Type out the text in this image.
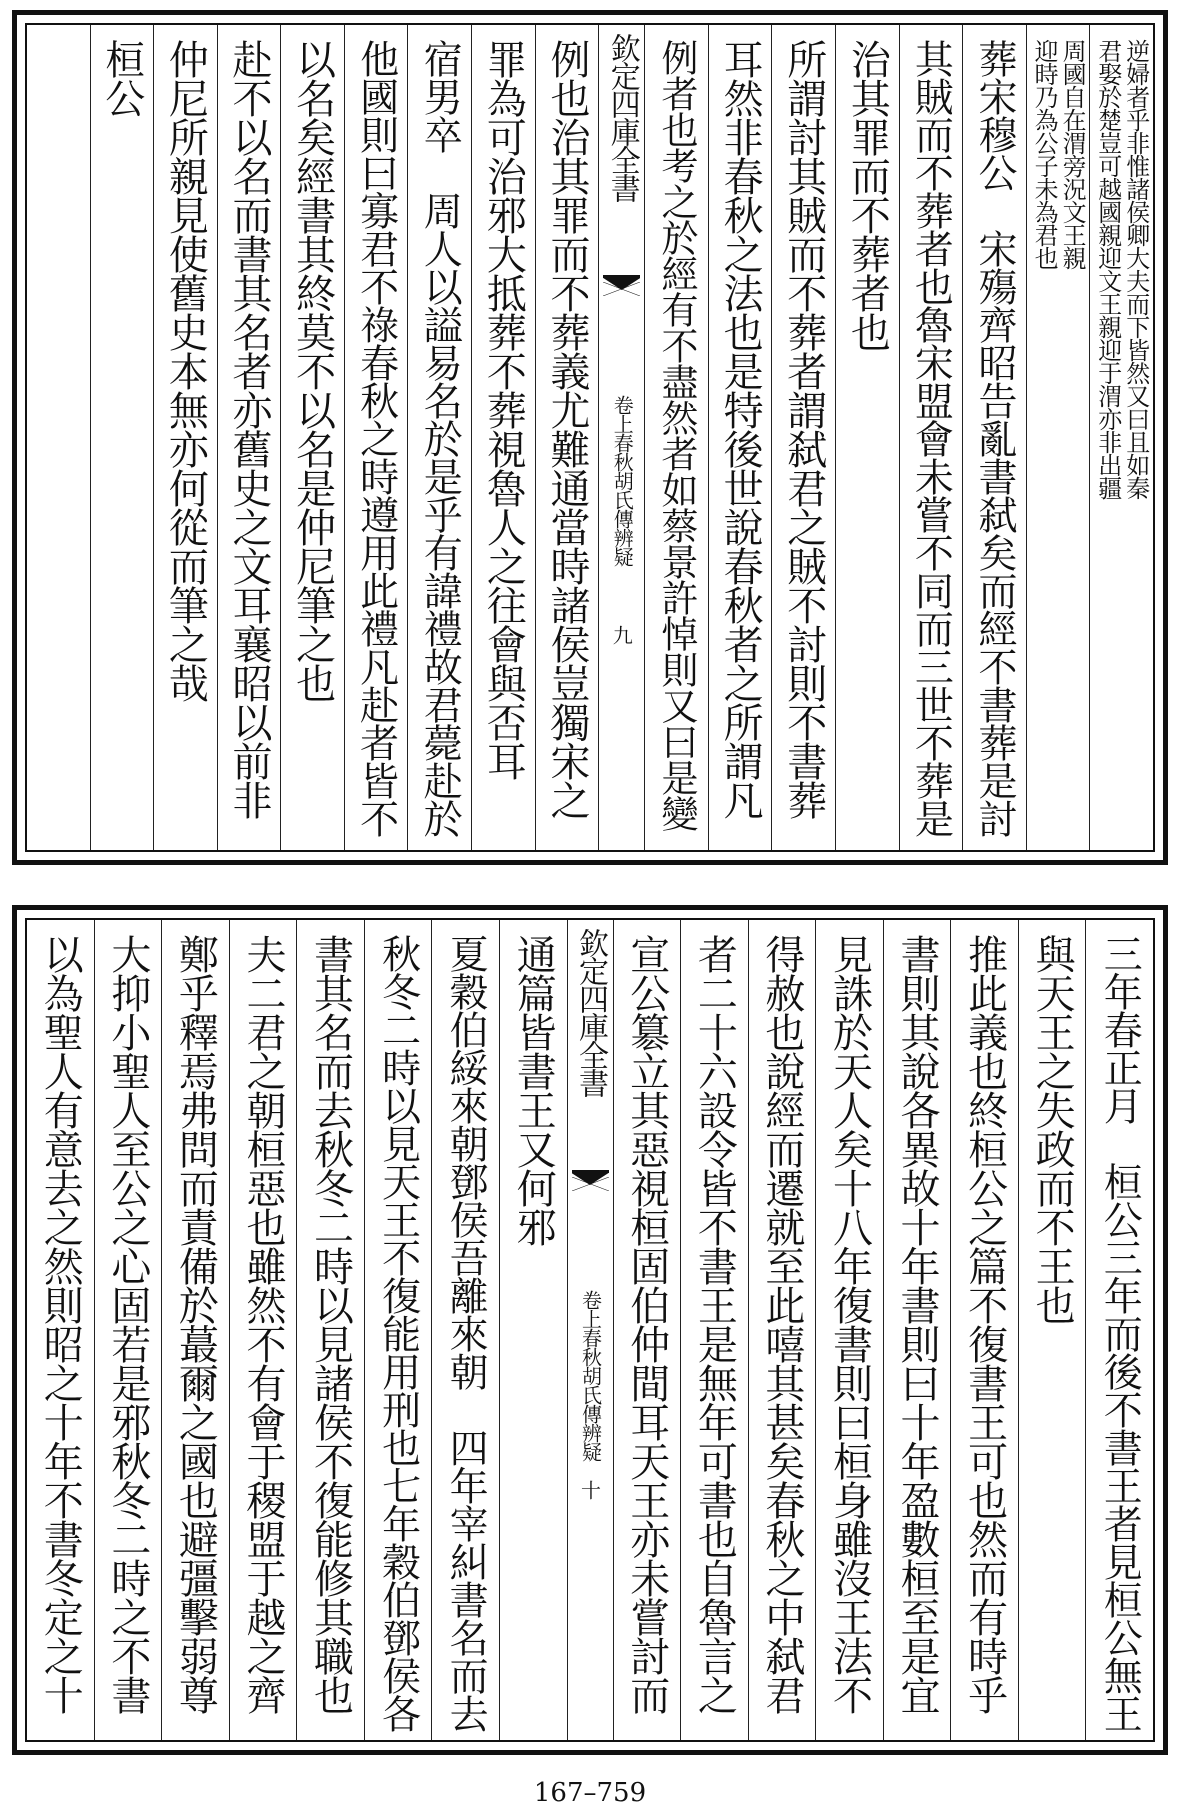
逆婦者乎非惟諸侯卿大夫而下皆然又曰且如秦
君娶於楚豈可越國親迎文王親迎于渭亦非出疆
周國自在渭旁況文王親
迎時乃為公子未為君也
葬宋穆公　宋殤齊昭告亂書弑矣而經不書葬是討
其賊而不葬者也魯宋盟會未嘗不同而三世不葬是
治其罪而不葬者也
所謂討其賊而不葬者謂弑君之賊不討則不書葬
耳然非春秋之法也是特後世說春秋者之所謂凡
例者也考之於經有不盡然者如蔡景許悼則又曰是變
欽定四庫全書
春秋胡氏傳辨疑
卷上
九
例也治其罪而不葬義尤難通當時諸侯豈獨宋之
罪為可治邪大抵葬不葬視魯人之往會與否耳
宿男卒　周人以謚易名於是乎有諱禮故君薨赴於
他國則曰寡君不祿春秋之時遵用此禮凡赴者皆不
以名矣經書其終莫不以名是仲尼筆之也
赴不以名而書其名者亦舊史之文耳襄昭以前非
仲尼所親見使舊史本無亦何從而筆之哉
桓公
三年春正月　桓公三年而後不書王者見桓公無王
與天王之失政而不王也
推此義也終桓公之篇不復書王可也然而有時乎
書則其說各異故十年書則曰十年盈數桓至是宜
見誅於天人矣十八年復書則曰桓身雖沒王法不
得赦也說經而遷就至此嘻其甚矣春秋之中弑君
者二十六設令皆不書王是無年可書也自魯言之
宣公簒立其惡視桓固伯仲間耳天王亦未嘗討而
欽定四庫全書
春秋胡氏傳辨疑
卷上
十
通篇皆書王又何邪
夏穀伯綏來朝鄧侯吾離來朝　四年宰糾書名而去
秋冬二時以見天王不復能用刑也七年穀伯鄧侯各
書其名而去秋冬二時以見諸侯不復能修其職也
夫二君之朝桓惡也雖然不有會于稷盟于越之齊
鄭乎釋焉弗問而責備於蕞爾之國也避彊擊弱尊
大抑小聖人至公之心固若是邪秋冬二時之不書
以為聖人有意去之然則昭之十年不書冬定之十
167–759
